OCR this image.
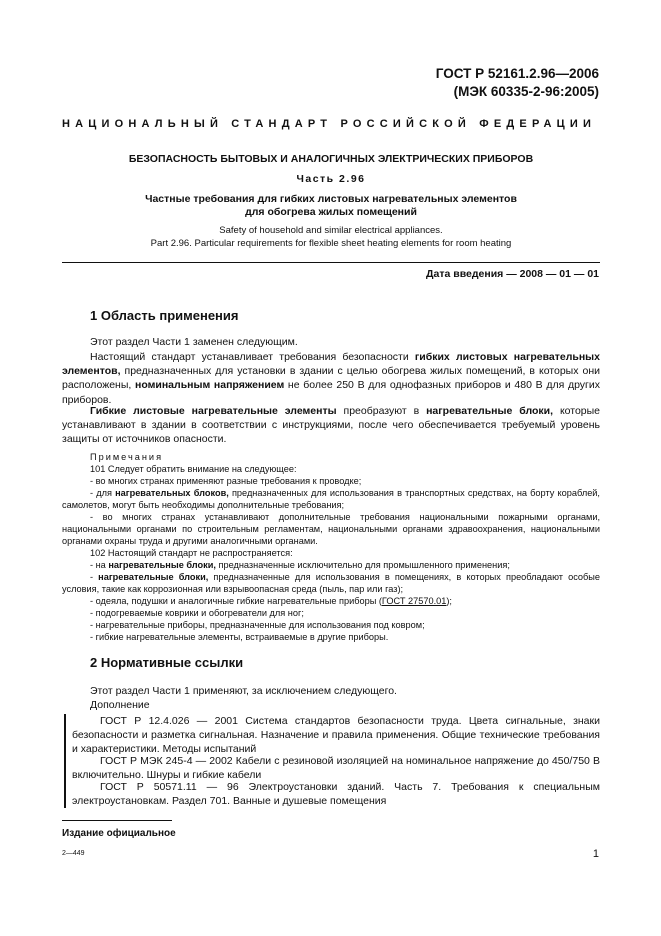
ГОСТ Р 52161.2.96—2006
(МЭК 60335-2-96:2005)
НАЦИОНАЛЬНЫЙ СТАНДАРТ РОССИЙСКОЙ ФЕДЕРАЦИИ
БЕЗОПАСНОСТЬ БЫТОВЫХ И АНАЛОГИЧНЫХ ЭЛЕКТРИЧЕСКИХ ПРИБОРОВ
Часть 2.96
Частные требования для гибких листовых нагревательных элементов
для обогрева жилых помещений
Safety of household and similar electrical appliances.
Part 2.96. Particular requirements for flexible sheet heating elements for room heating
Дата введения — 2008 — 01 — 01
1 Область применения

Этот раздел Части 1 заменен следующим.

Настоящий стандарт устанавливает требования безопасности гибких листовых нагревательных элементов, предназначенных для установки в здании с целью обогрева жилых помещений, в которых они расположены, номинальным напряжением не более 250 В для однофазных приборов и 480 В для других приборов.

Гибкие листовые нагревательные элементы преобразуют в нагревательные блоки, которые устанавливают в здании в соответствии с инструкциями, после чего обеспечивается требуемый уровень защиты от источников опасности.

Примечания

101 Следует обратить внимание на следующее:

- во многих странах применяют разные требования к проводке;

- для нагревательных блоков, предназначенных для использования в транспортных средствах, на борту кораблей, самолетов, могут быть необходимы дополнительные требования;

- во многих странах устанавливают дополнительные требования национальными пожарными органами, национальными органами по строительным регламентам, национальными органами здравоохранения, национальными органами охраны труда и другими аналогичными органами.

102 Настоящий стандарт не распространяется:

- на нагревательные блоки, предназначенные исключительно для промышленного применения;

- нагревательные блоки, предназначенные для использования в помещениях, в которых преобладают особые условия, такие как коррозионная или взрывоопасная среда (пыль, пар или газ);

- одеяла, подушки и аналогичные гибкие нагревательные приборы (ГОСТ 27570.01);

- подогреваемые коврики и обогреватели для ног;

- нагревательные приборы, предназначенные для использования под ковром;

- гибкие нагревательные элементы, встраиваемые в другие приборы.

2 Нормативные ссылки

Этот раздел Части 1 применяют, за исключением следующего.

Дополнение

ГОСТ Р 12.4.026 — 2001 Система стандартов безопасности труда. Цвета сигнальные, знаки безопасности и разметка сигнальная. Назначение и правила применения. Общие технические требования и характеристики. Методы испытаний

ГОСТ Р МЭК 245-4 — 2002 Кабели с резиновой изоляцией на номинальное напряжение до 450/750 В включительно. Шнуры и гибкие кабели

ГОСТ Р 50571.11 — 96 Электроустановки зданий. Часть 7. Требования к специальным электроустановкам. Раздел 701. Ванные и душевые помещения

Издание официальное
2—449	1
